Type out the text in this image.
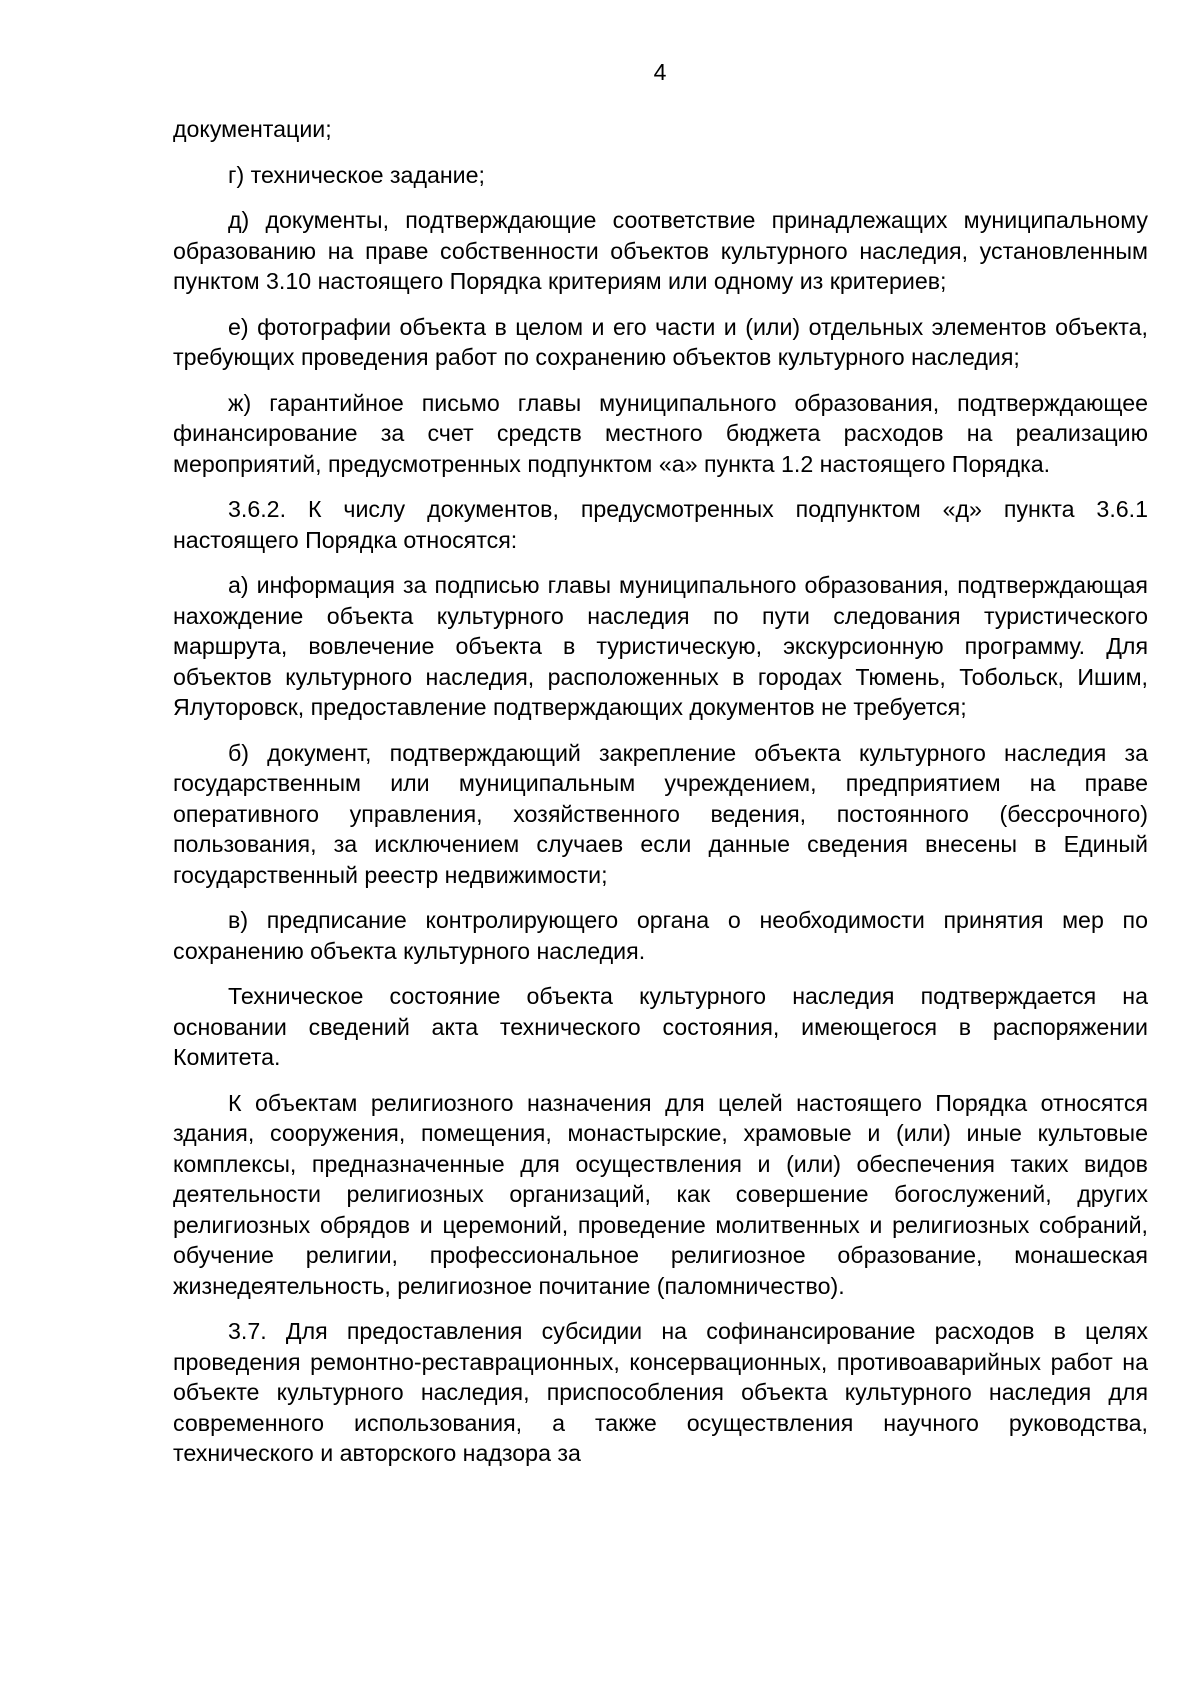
4

документации;

г) техническое задание;

д) документы, подтверждающие соответствие принадлежащих муниципальному образованию на праве собственности объектов культурного наследия, установленным пунктом 3.10 настоящего Порядка критериям или одному из критериев;

е) фотографии объекта в целом и его части и (или) отдельных элементов объекта, требующих проведения работ по сохранению объектов культурного наследия;

ж) гарантийное письмо главы муниципального образования, подтверждающее финансирование за счет средств местного бюджета расходов на реализацию мероприятий, предусмотренных подпунктом «а» пункта 1.2 настоящего Порядка.

3.6.2. К числу документов, предусмотренных подпунктом «д» пункта 3.6.1 настоящего Порядка относятся:

а) информация за подписью главы муниципального образования, подтверждающая нахождение объекта культурного наследия по пути следования туристического маршрута, вовлечение объекта в туристическую, экскурсионную программу. Для объектов культурного наследия, расположенных в городах Тюмень, Тобольск, Ишим, Ялуторовск, предоставление подтверждающих документов не требуется;

б) документ, подтверждающий закрепление объекта культурного наследия за государственным или муниципальным учреждением, предприятием на праве оперативного управления, хозяйственного ведения, постоянного (бессрочного) пользования, за исключением случаев если данные сведения внесены в Единый государственный реестр недвижимости;

в) предписание контролирующего органа о необходимости принятия мер по сохранению объекта культурного наследия.

Техническое состояние объекта культурного наследия подтверждается на основании сведений акта технического состояния, имеющегося в распоряжении Комитета.

К объектам религиозного назначения для целей настоящего Порядка относятся здания, сооружения, помещения, монастырские, храмовые и (или) иные культовые комплексы, предназначенные для осуществления и (или) обеспечения таких видов деятельности религиозных организаций, как совершение богослужений, других религиозных обрядов и церемоний, проведение молитвенных и религиозных собраний, обучение религии, профессиональное религиозное образование, монашеская жизнедеятельность, религиозное почитание (паломничество).

3.7. Для предоставления субсидии на софинансирование расходов в целях проведения ремонтно-реставрационных, консервационных, противоаварийных работ на объекте культурного наследия, приспособления объекта культурного наследия для современного использования, а также осуществления научного руководства, технического и авторского надзора за
